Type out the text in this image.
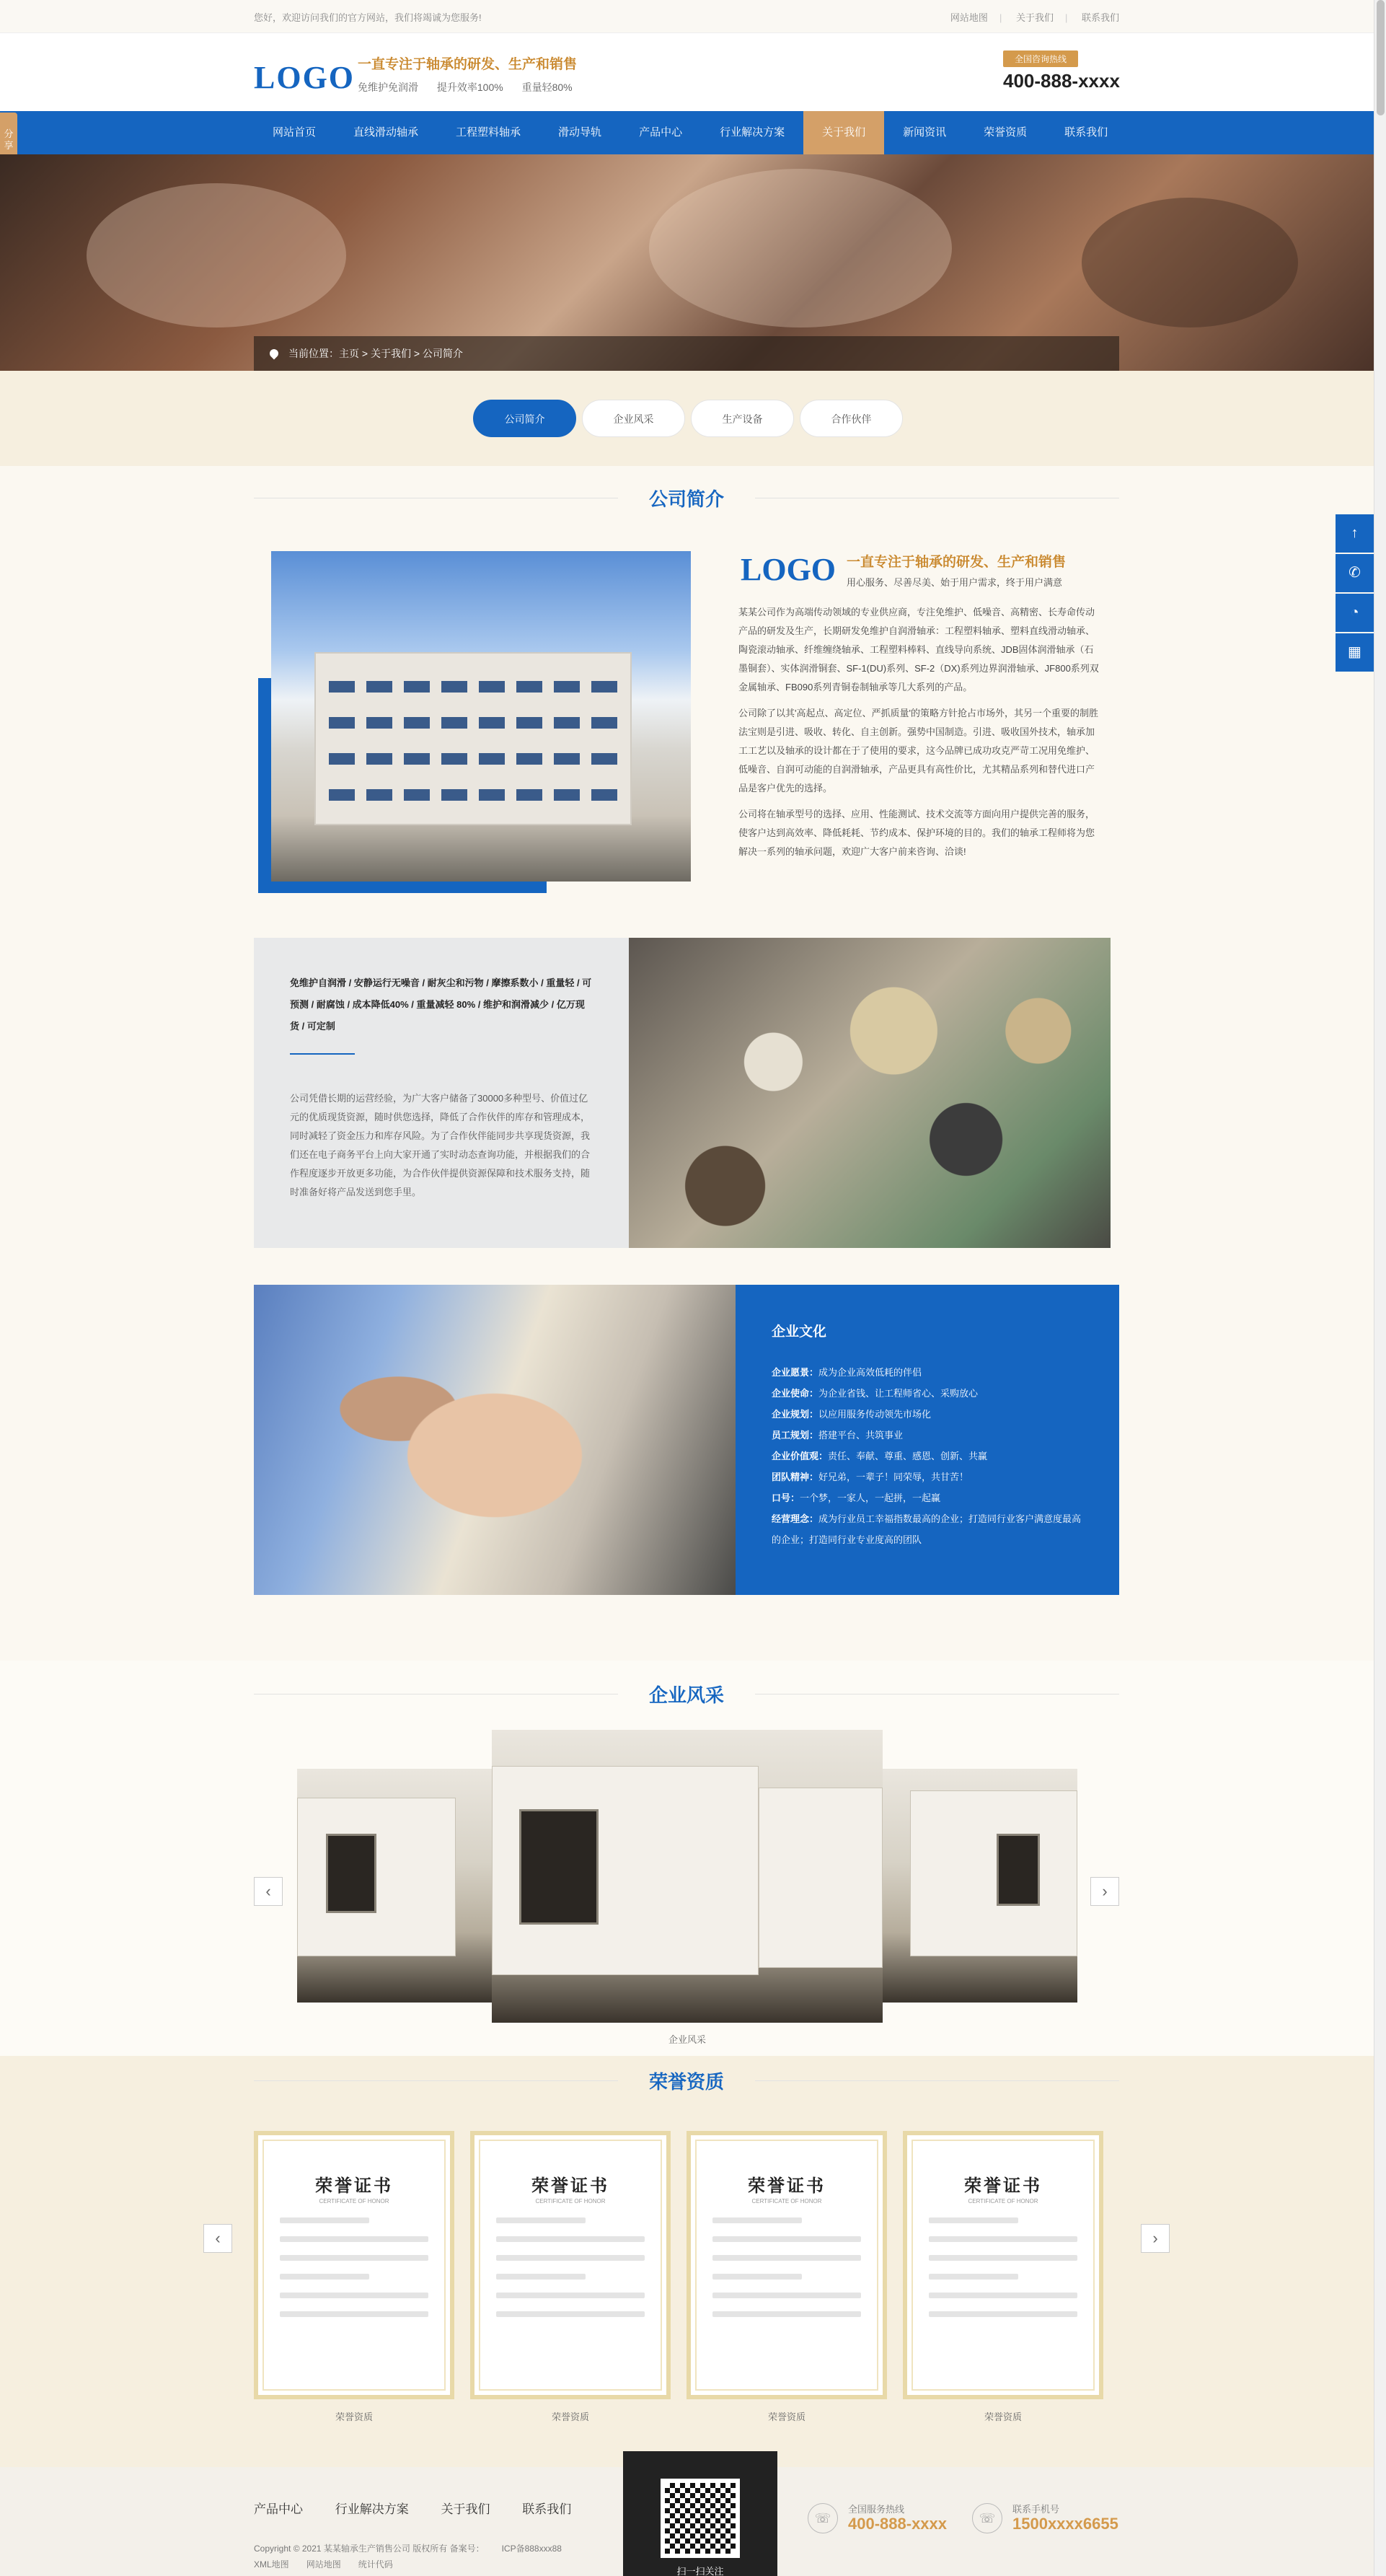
您好，欢迎访问我们的官方网站，我们将竭诚为您服务!	网站地图 | 关于我们 | 联系我们
LOGO 一直专注于轴承的研发、生产和销售
免维护免润滑 提升效率100% 重量轻80%
全国咨询热线
400-888-xxxx
网站首页	直线滑动轴承	工程塑料轴承	滑动导轨	产品中心	行业解决方案	关于我们	新闻资讯	荣誉资质	联系我们
分享
当前位置：主页 > 关于我们 > 公司简介
公司简介	企业风采	生产设备	合作伙伴
公司简介
LOGO 一直专注于轴承的研发、生产和销售
用心服务、尽善尽美、始于用户需求，终于用户满意

某某公司作为高端传动领域的专业供应商，专注免维护、低噪音、高精密、长寿命传动产品的研发及生产，长期研发免维护自润滑轴承：工程塑料轴承、塑料直线滑动轴承、陶瓷滚动轴承、纤维缠绕轴承、工程塑料棒料、直线导向系统、JDB固体润滑轴承（石墨铜套）、实体润滑铜套、SF-1(DU)系列、SF-2（DX)系列边界润滑轴承、JF800系列双金属轴承、FB090系列青铜卷制轴承等几大系列的产品。

公司除了以其'高起点、高定位、严抓质量'的策略方针抢占市场外，其另一个重要的制胜法宝则是引进、吸收、转化、自主创新。强势中国制造。引进、吸收国外技术，轴承加工工艺以及轴承的设计都在于了使用的要求，这今品牌已成功攻克严苛工况用免维护、低噪音、自润可动能的自润滑轴承，产品更具有高性价比，尤其精品系列和替代进口产品是客户优先的选择。

公司将在轴承型号的选择、应用、性能测试、技术交流等方面向用户提供完善的服务，使客户达到高效率、降低耗耗、节约成本、保护环境的目的。我们的轴承工程师将为您解决一系列的轴承问题，欢迎广大客户前来咨询、洽谈!

免维护自润滑 / 安静运行无噪音 / 耐灰尘和污物 / 摩擦系数小 / 重量轻 / 可预测 / 耐腐蚀 / 成本降低40% / 重量减轻 80% / 维护和润滑减少 / 亿万现货 / 可定制
公司凭借长期的运营经验，为广大客户储备了30000多种型号、价值过亿元的优质现货资源，随时供您选择，降低了合作伙伴的库存和管理成本，同时减轻了资金压力和库存风险。为了合作伙伴能同步共享现货资源，我们还在电子商务平台上向大家开通了实时动态查询功能，并根据我们的合作程度逐步开放更多功能，为合作伙伴提供资源保障和技术服务支持，随时准备好将产品发送到您手里。
企业文化
企业愿景：成为企业高效低耗的伴侣
企业使命：为企业省钱、让工程师省心、采购放心
企业规划：以应用服务传动领先市场化
员工规划：搭建平台、共筑事业
企业价值观：责任、奉献、尊重、感恩、创新、共赢
团队精神：好兄弟，一辈子！同荣辱，共甘苦！
口号：一个梦，一家人，一起拼，一起赢
经营理念：成为行业员工幸福指数最高的企业；打造同行业客户满意度最高的企业；打造同行业专业度高的团队
企业风采
‹	›
企业风采
荣誉资质
‹	›
荣誉证书
CERTIFICATE OF HONOR
荣誉证书
CERTIFICATE OF HONOR
荣誉证书
CERTIFICATE OF HONOR
荣誉证书
CERTIFICATE OF HONOR
荣誉资质	荣誉资质	荣誉资质	荣誉资质
产品中心	行业解决方案	关于我们	联系我们
Copyright © 2021 某某轴承生产销售公司 版权所有 备案号： ICP备888xxx88
XML地图 网站地图 统计代码
扫一扫关注
☏
全国服务热线
400-888-xxxx	☏
联系手机号
1500xxxx6655
↑
✆
◔
▦
